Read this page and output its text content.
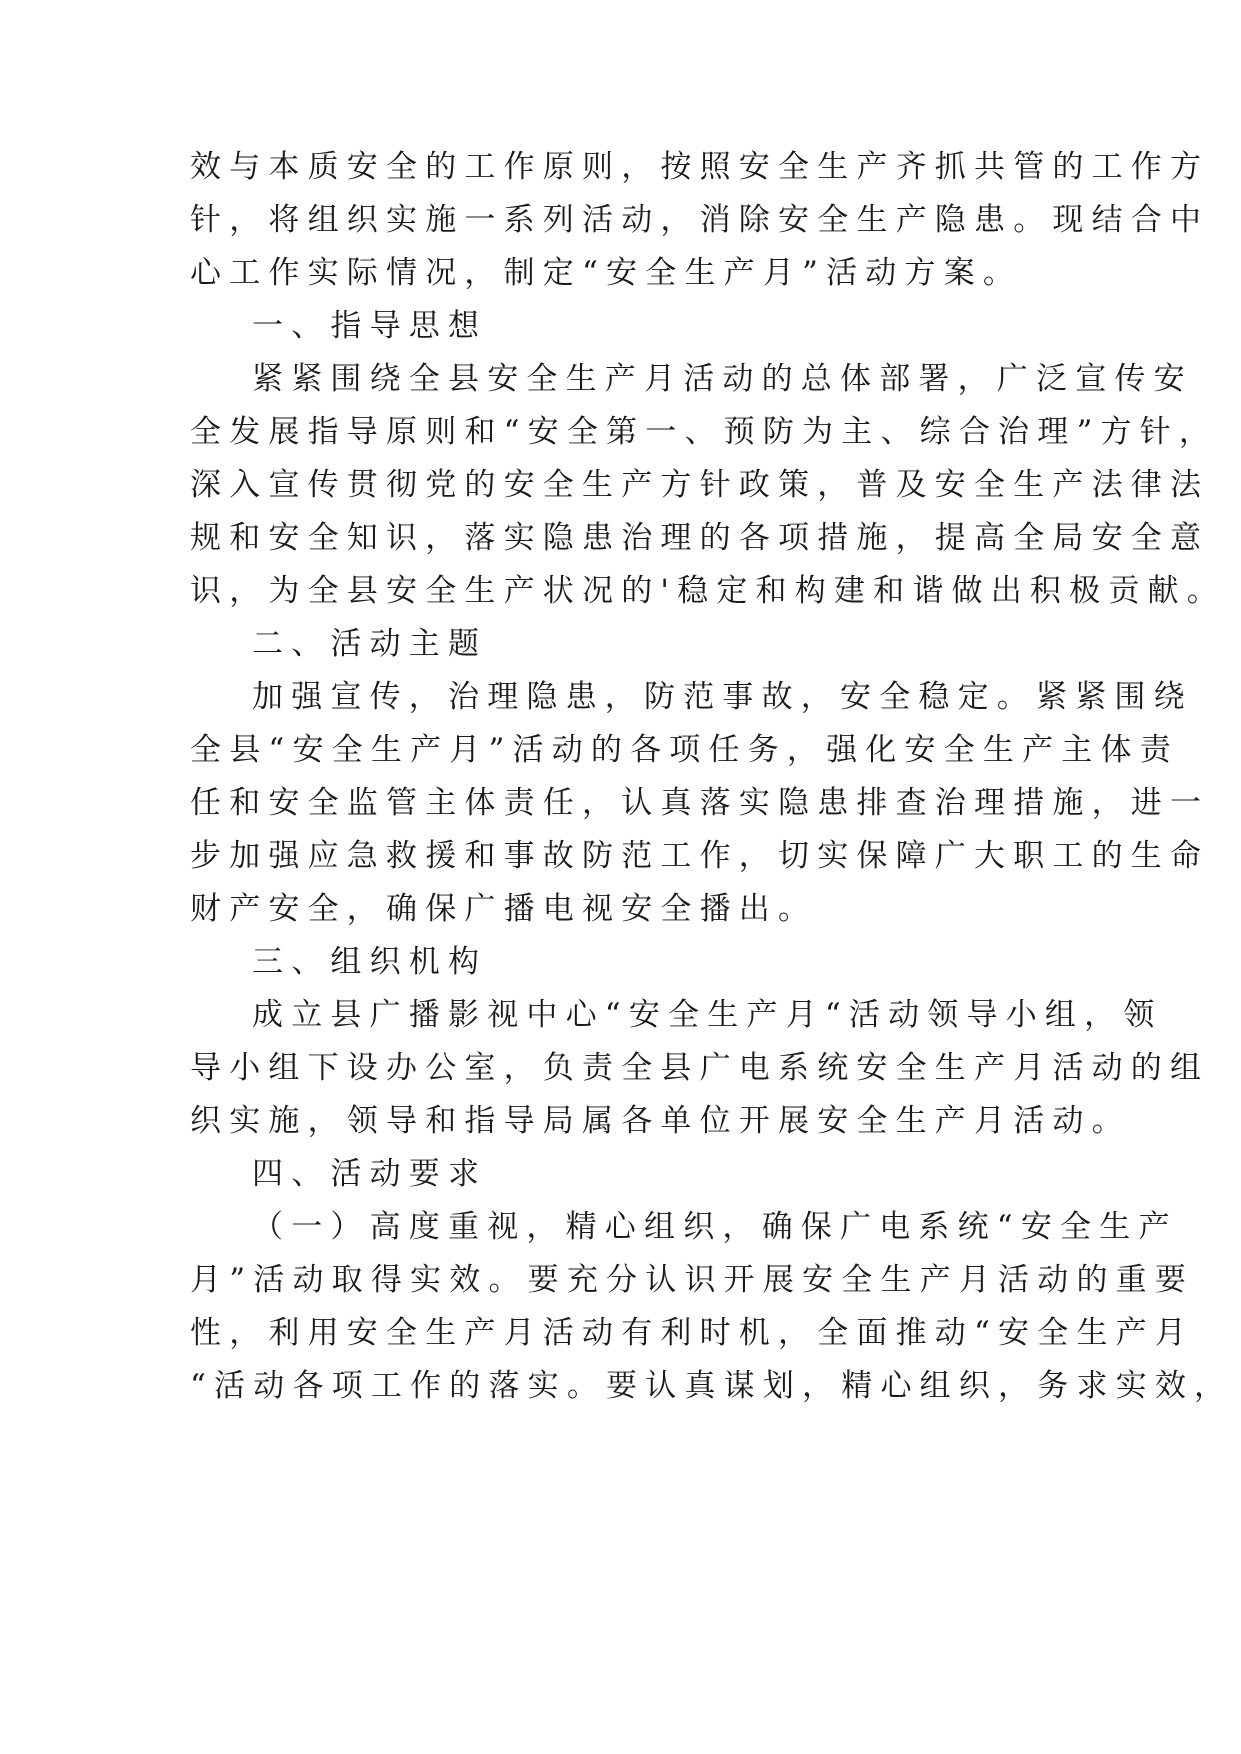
效与本质安全的工作原则，按照安全生产齐抓共管的工作方

针，将组织实施一系列活动，消除安全生产隐患。现结合中

心工作实际情况，制定“安全生产月”活动方案。

一、指导思想

紧紧围绕全县安全生产月活动的总体部署，广泛宣传安

全发展指导原则和“安全第一、预防为主、综合治理”方针，

深入宣传贯彻党的安全生产方针政策，普及安全生产法律法

规和安全知识，落实隐患治理的各项措施，提高全局安全意

识，为全县安全生产状况的'稳定和构建和谐做出积极贡献。

二、活动主题

加强宣传，治理隐患，防范事故，安全稳定。紧紧围绕

全县“安全生产月”活动的各项任务，强化安全生产主体责

任和安全监管主体责任，认真落实隐患排查治理措施，进一

步加强应急救援和事故防范工作，切实保障广大职工的生命

财产安全，确保广播电视安全播出。

三、组织机构

成立县广播影视中心“安全生产月“活动领导小组，领

导小组下设办公室，负责全县广电系统安全生产月活动的组

织实施，领导和指导局属各单位开展安全生产月活动。

四、活动要求

（一）高度重视，精心组织，确保广电系统“安全生产

月”活动取得实效。要充分认识开展安全生产月活动的重要

性，利用安全生产月活动有利时机，全面推动“安全生产月

“活动各项工作的落实。要认真谋划，精心组织，务求实效，
